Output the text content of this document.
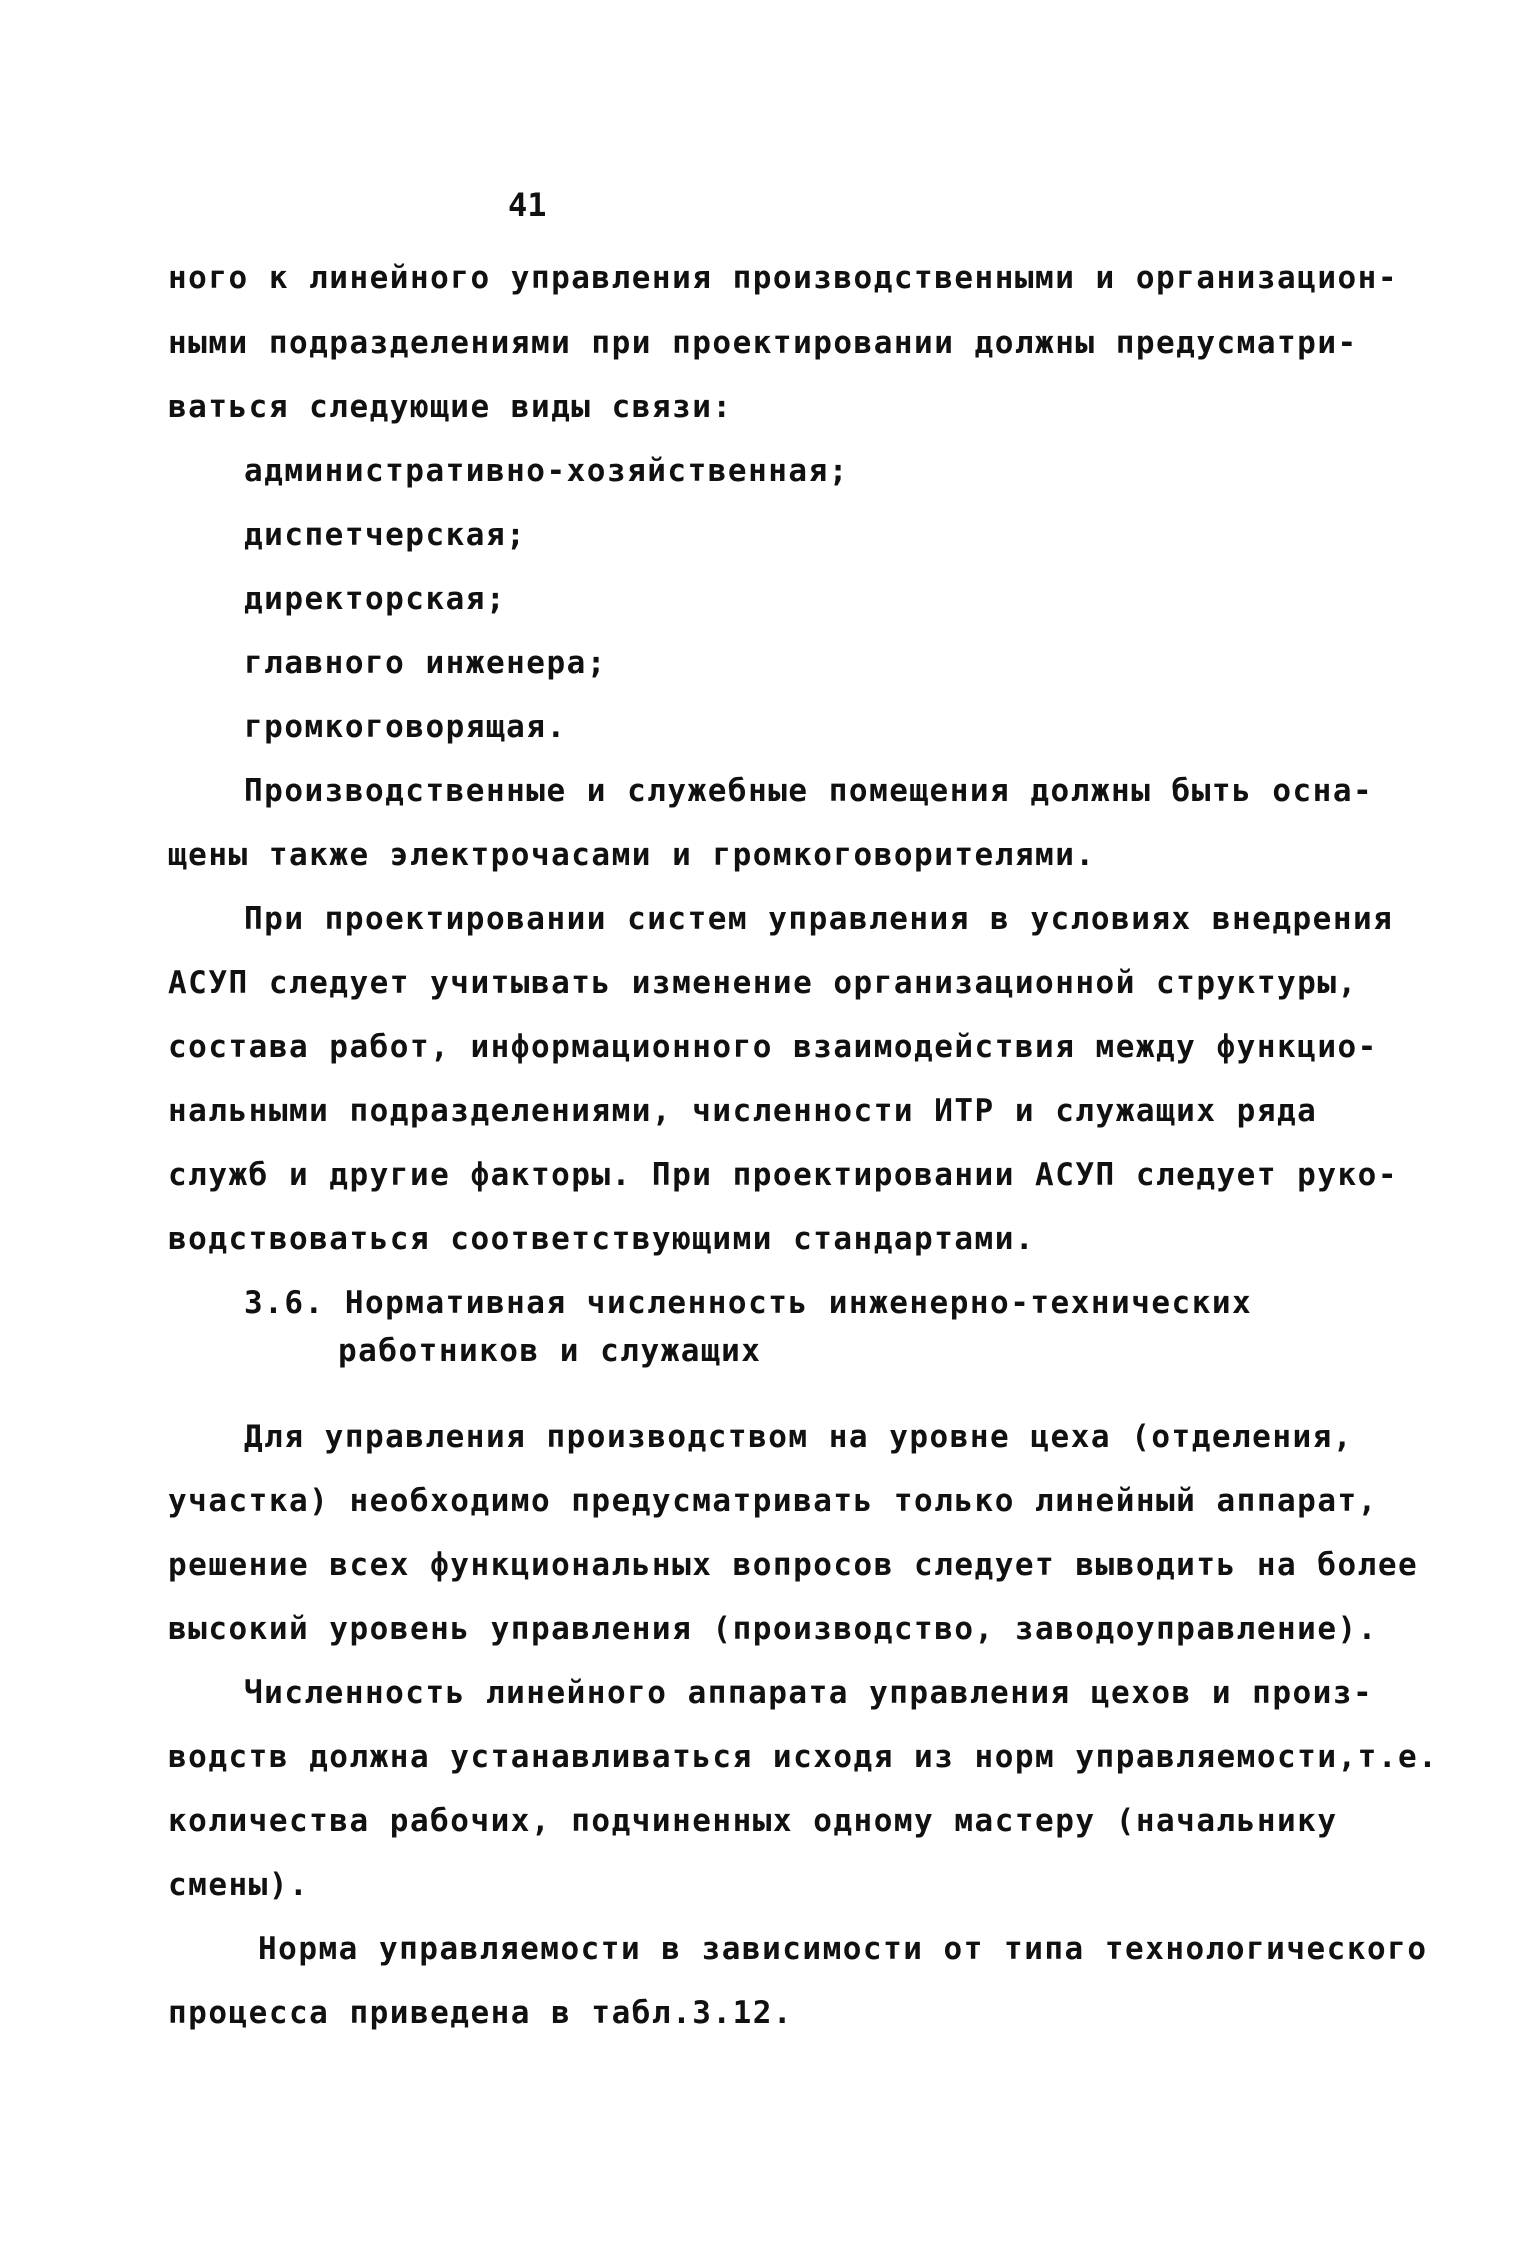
41
ного к линейного управления производственными и организацион-
ными подразделениями при проектировании должны предусматри-
ваться следующие виды связи:
административно-хозяйственная;
диспетчерская;
директорская;
главного инженера;
громкоговорящая.
Производственные и служебные помещения должны быть осна-
щены также электрочасами и громкоговорителями.
При проектировании систем управления в условиях внедрения
АСУП следует учитывать изменение организационной структуры,
состава работ, информационного взаимодействия между функцио-
нальными подразделениями, численности ИТР и служащих ряда
служб и другие факторы. При проектировании АСУП следует руко-
водствоваться соответствующими стандартами.
3.6. Нормативная численность инженерно-технических
работников и служащих
Для управления производством на уровне цеха (отделения,
участка) необходимо предусматривать только линейный аппарат,
решение всех функциональных вопросов следует выводить на более
высокий уровень управления (производство, заводоуправление).
Численность линейного аппарата управления цехов и произ-
водств должна устанавливаться исходя из норм управляемости,т.е.
количества рабочих, подчиненных одному мастеру (начальнику
смены).
Норма управляемости в зависимости от типа технологического
процесса приведена в табл.3.12.
